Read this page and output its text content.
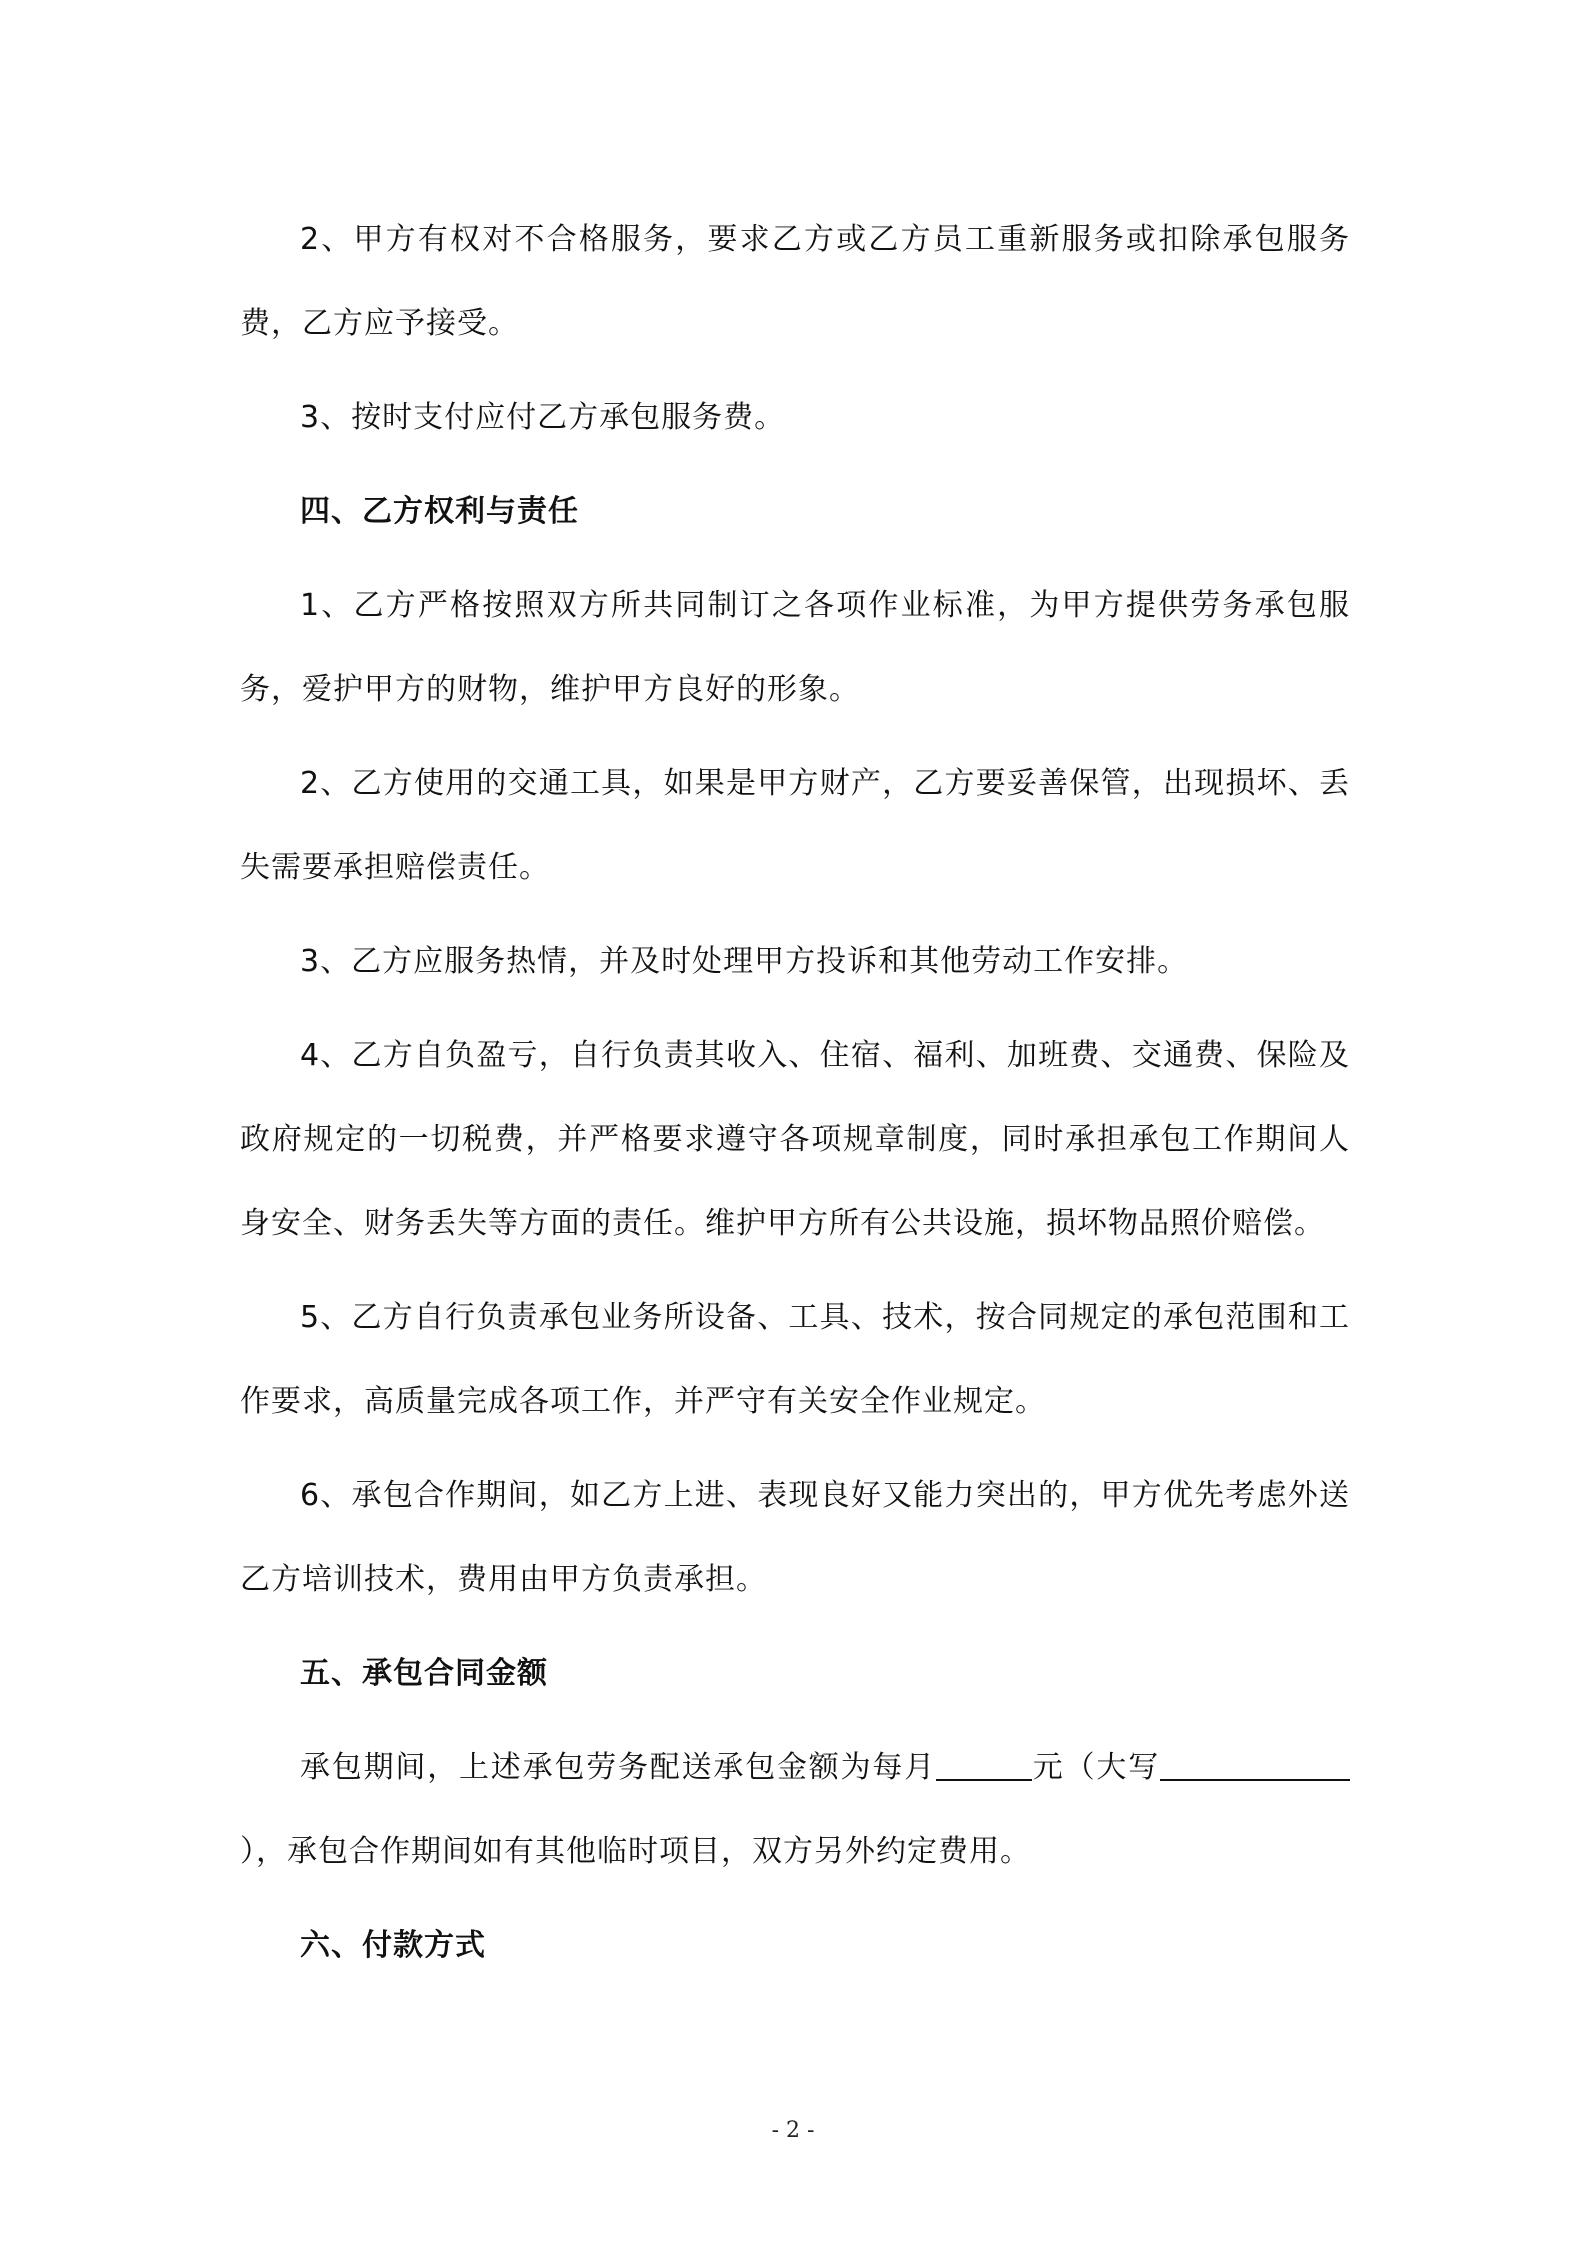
2、甲方有权对不合格服务，要求乙方或乙方员工重新服务或扣除承包服务费，乙方应予接受。

3、按时支付应付乙方承包服务费。

四、乙方权利与责任

1、乙方严格按照双方所共同制订之各项作业标准，为甲方提供劳务承包服务，爱护甲方的财物，维护甲方良好的形象。

2、乙方使用的交通工具，如果是甲方财产，乙方要妥善保管，出现损坏、丢失需要承担赔偿责任。

3、乙方应服务热情，并及时处理甲方投诉和其他劳动工作安排。

4、乙方自负盈亏，自行负责其收入、住宿、福利、加班费、交通费、保险及政府规定的一切税费，并严格要求遵守各项规章制度，同时承担承包工作期间人身安全、财务丢失等方面的责任。维护甲方所有公共设施，损坏物品照价赔偿。

5、乙方自行负责承包业务所设备、工具、技术，按合同规定的承包范围和工作要求，高质量完成各项工作，并严守有关安全作业规定。

6、承包合作期间，如乙方上进、表现良好又能力突出的，甲方优先考虑外送乙方培训技术，费用由甲方负责承担。

五、承包合同金额

承包期间，上述承包劳务配送承包金额为每月	元（大写），承包合作期间如有其他临时项目，双方另外约定费用。

六、付款方式

- 2 -
